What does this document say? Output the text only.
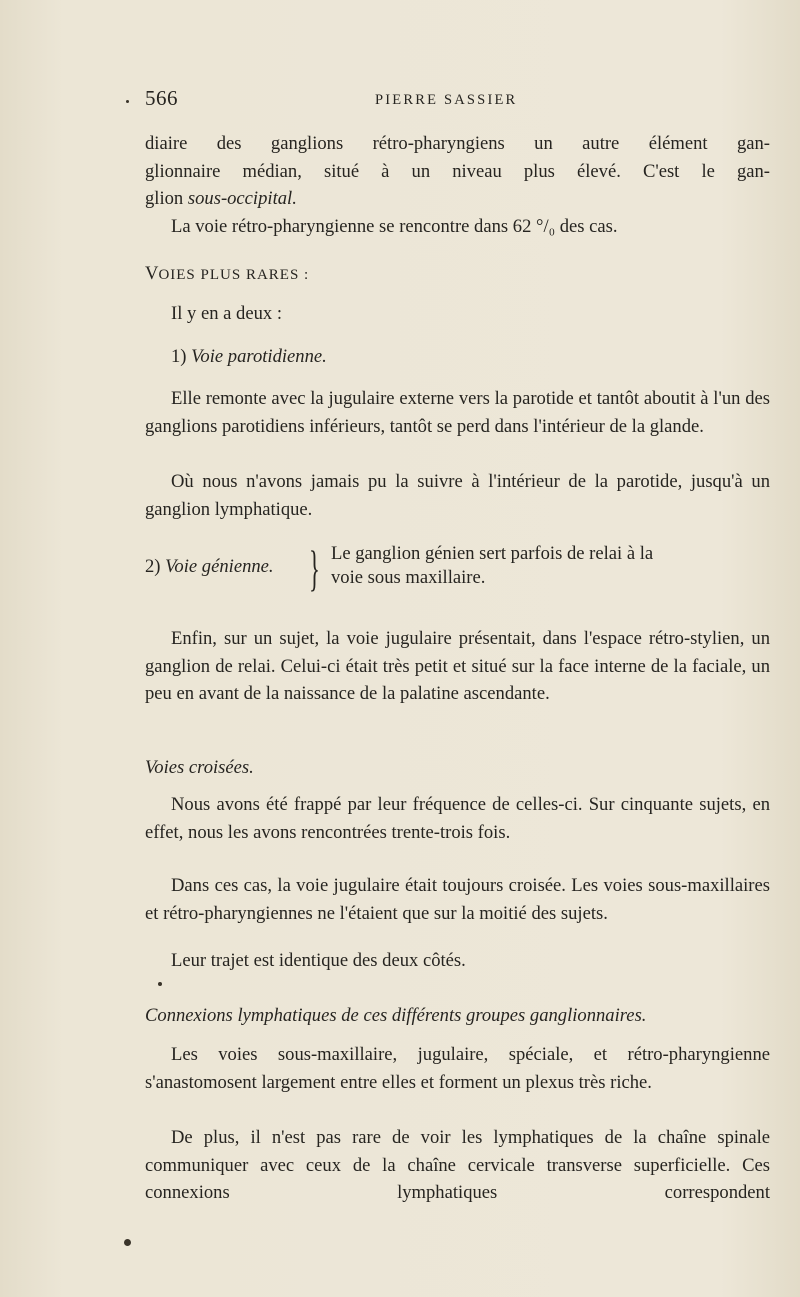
566	PIERRE SASSIER

diaire des ganglions rétro-pharyngiens un autre élément gan-

glionnaire médian, situé à un niveau plus élevé. C'est le gan-

glion sous-occipital.

La voie rétro-pharyngienne se rencontre dans 62 °/₀ des cas.

VOIES PLUS RARES :

Il y en a deux :

1) Voie parotidienne.

Elle remonte avec la jugulaire externe vers la parotide et tantôt aboutit à l'un des ganglions parotidiens inférieurs, tantôt se perd dans l'intérieur de la glande.

Où nous n'avons jamais pu la suivre à l'intérieur de la parotide, jusqu'à un ganglion lymphatique.

2) Voie génienne. } Le ganglion génien sert parfois de relai à la
voie sous maxillaire.

Enfin, sur un sujet, la voie jugulaire présentait, dans l'espace rétro-stylien, un ganglion de relai. Celui-ci était très petit et situé sur la face interne de la faciale, un peu en avant de la naissance de la palatine ascendante.

Voies croisées.

Nous avons été frappé par leur fréquence de celles-ci. Sur cinquante sujets, en effet, nous les avons rencontrées trente-trois fois.

Dans ces cas, la voie jugulaire était toujours croisée. Les voies sous-maxillaires et rétro-pharyngiennes ne l'étaient que sur la moitié des sujets.

Leur trajet est identique des deux côtés.

Connexions lymphatiques de ces différents groupes ganglionnaires.

Les voies sous-maxillaire, jugulaire, spéciale, et rétro-pharyngienne s'anastomosent largement entre elles et forment un plexus très riche.

De plus, il n'est pas rare de voir les lymphatiques de la chaîne spinale communiquer avec ceux de la chaîne cervicale transverse superficielle. Ces connexions lymphatiques correspondent
